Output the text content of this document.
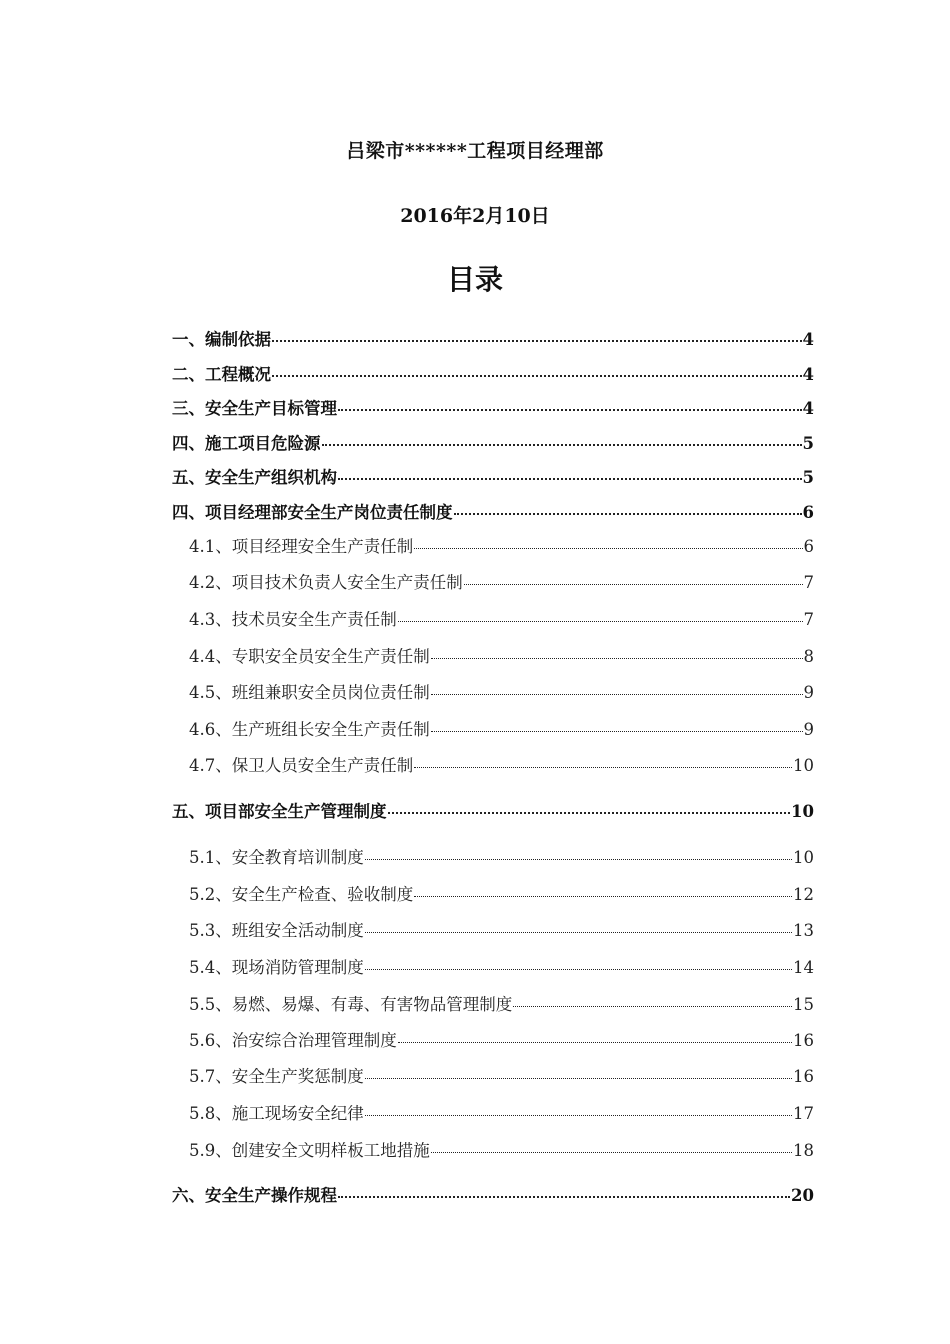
吕梁市******工程项目经理部
2016年2月10日
目录
一、编制依据	4
二、工程概况	4
三、安全生产目标管理	4
四、施工项目危险源	5
五、安全生产组织机构	5
四、项目经理部安全生产岗位责任制度	6
4.1、项目经理安全生产责任制	6
4.2、项目技术负责人安全生产责任制	7
4.3、技术员安全生产责任制	7
4.4、专职安全员安全生产责任制	8
4.5、班组兼职安全员岗位责任制	9
4.6、生产班组长安全生产责任制	9
4.7、保卫人员安全生产责任制	10
五、项目部安全生产管理制度	10
5.1、安全教育培训制度	10
5.2、安全生产检查、验收制度	12
5.3、班组安全活动制度	13
5.4、现场消防管理制度	14
5.5、易燃、易爆、有毒、有害物品管理制度	15
5.6、治安综合治理管理制度	16
5.7、安全生产奖惩制度	16
5.8、施工现场安全纪律	17
5.9、创建安全文明样板工地措施	18
六、安全生产操作规程	20
